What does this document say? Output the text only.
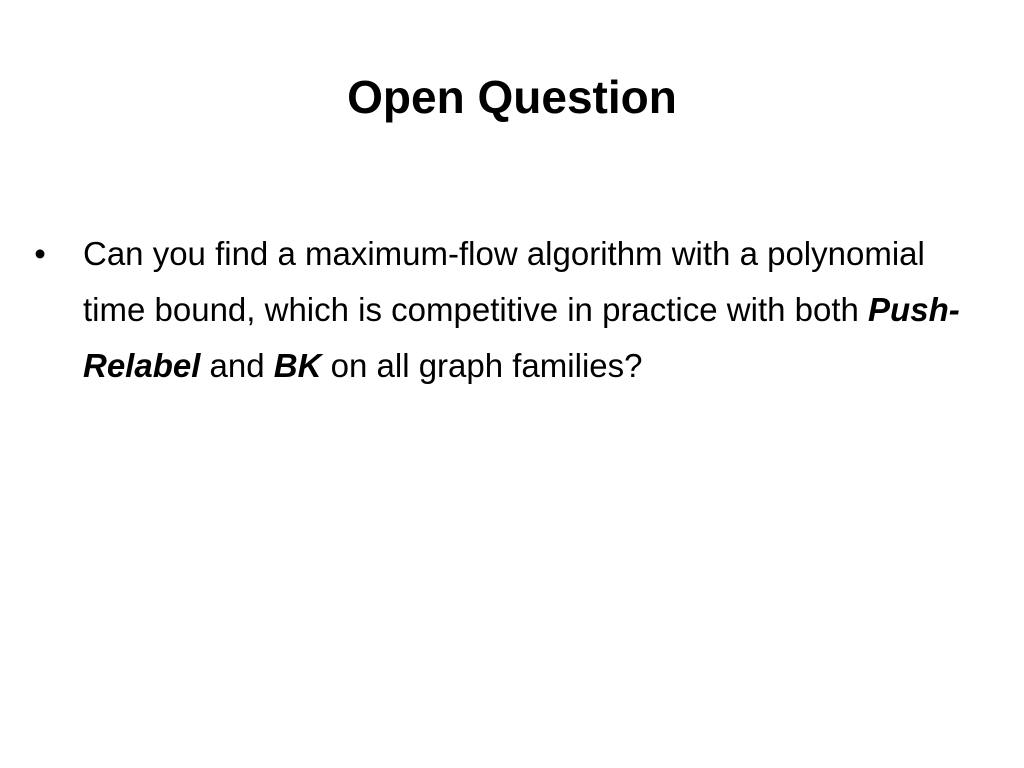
Open Question
• Can you find a maximum-flow algorithm with a polynomial time bound, which is competitive in practice with both Push-Relabel and BK on all graph families?
